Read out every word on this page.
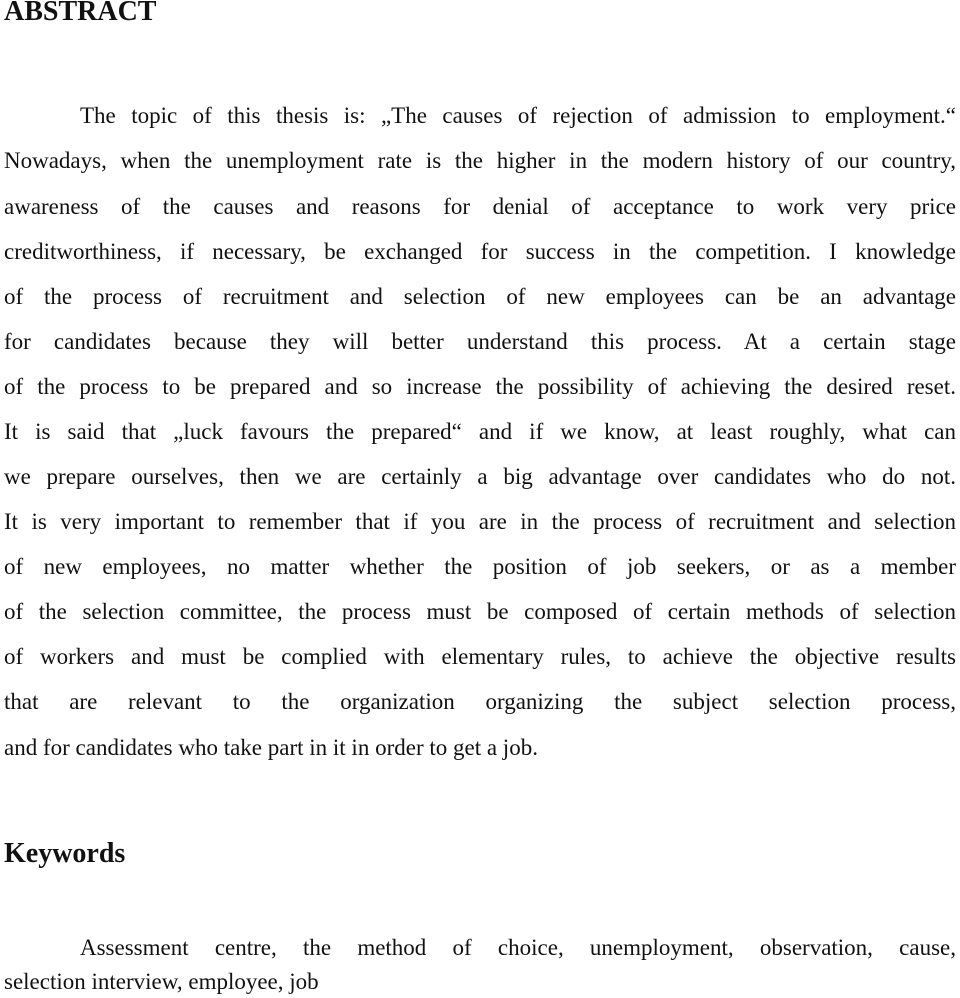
ABSTRACT
The topic of this thesis is: „The causes of rejection of admission to employment.“
Nowadays, when the unemployment rate is the higher in the modern history of our country,
awareness of the causes and reasons for denial of acceptance to work very price
creditworthiness, if necessary, be exchanged for success in the competition. I knowledge
of the process of recruitment and selection of new employees can be an advantage
for candidates because they will better understand this process. At a certain stage
of the process to be prepared and so increase the possibility of achieving the desired reset.
It is said that „luck favours the prepared“ and if we know, at least roughly, what can
we prepare ourselves, then we are certainly a big advantage over candidates who do not.
It is very important to remember that if you are in the process of recruitment and selection
of new employees, no matter whether the position of job seekers, or as a member
of the selection committee, the process must be composed of certain methods of selection
of workers and must be complied with elementary rules, to achieve the objective results
that are relevant to the organization organizing the subject selection process,
and for candidates who take part in it in order to get a job.
Keywords
Assessment centre, the method of choice, unemployment, observation, cause,
selection interview, employee, job
